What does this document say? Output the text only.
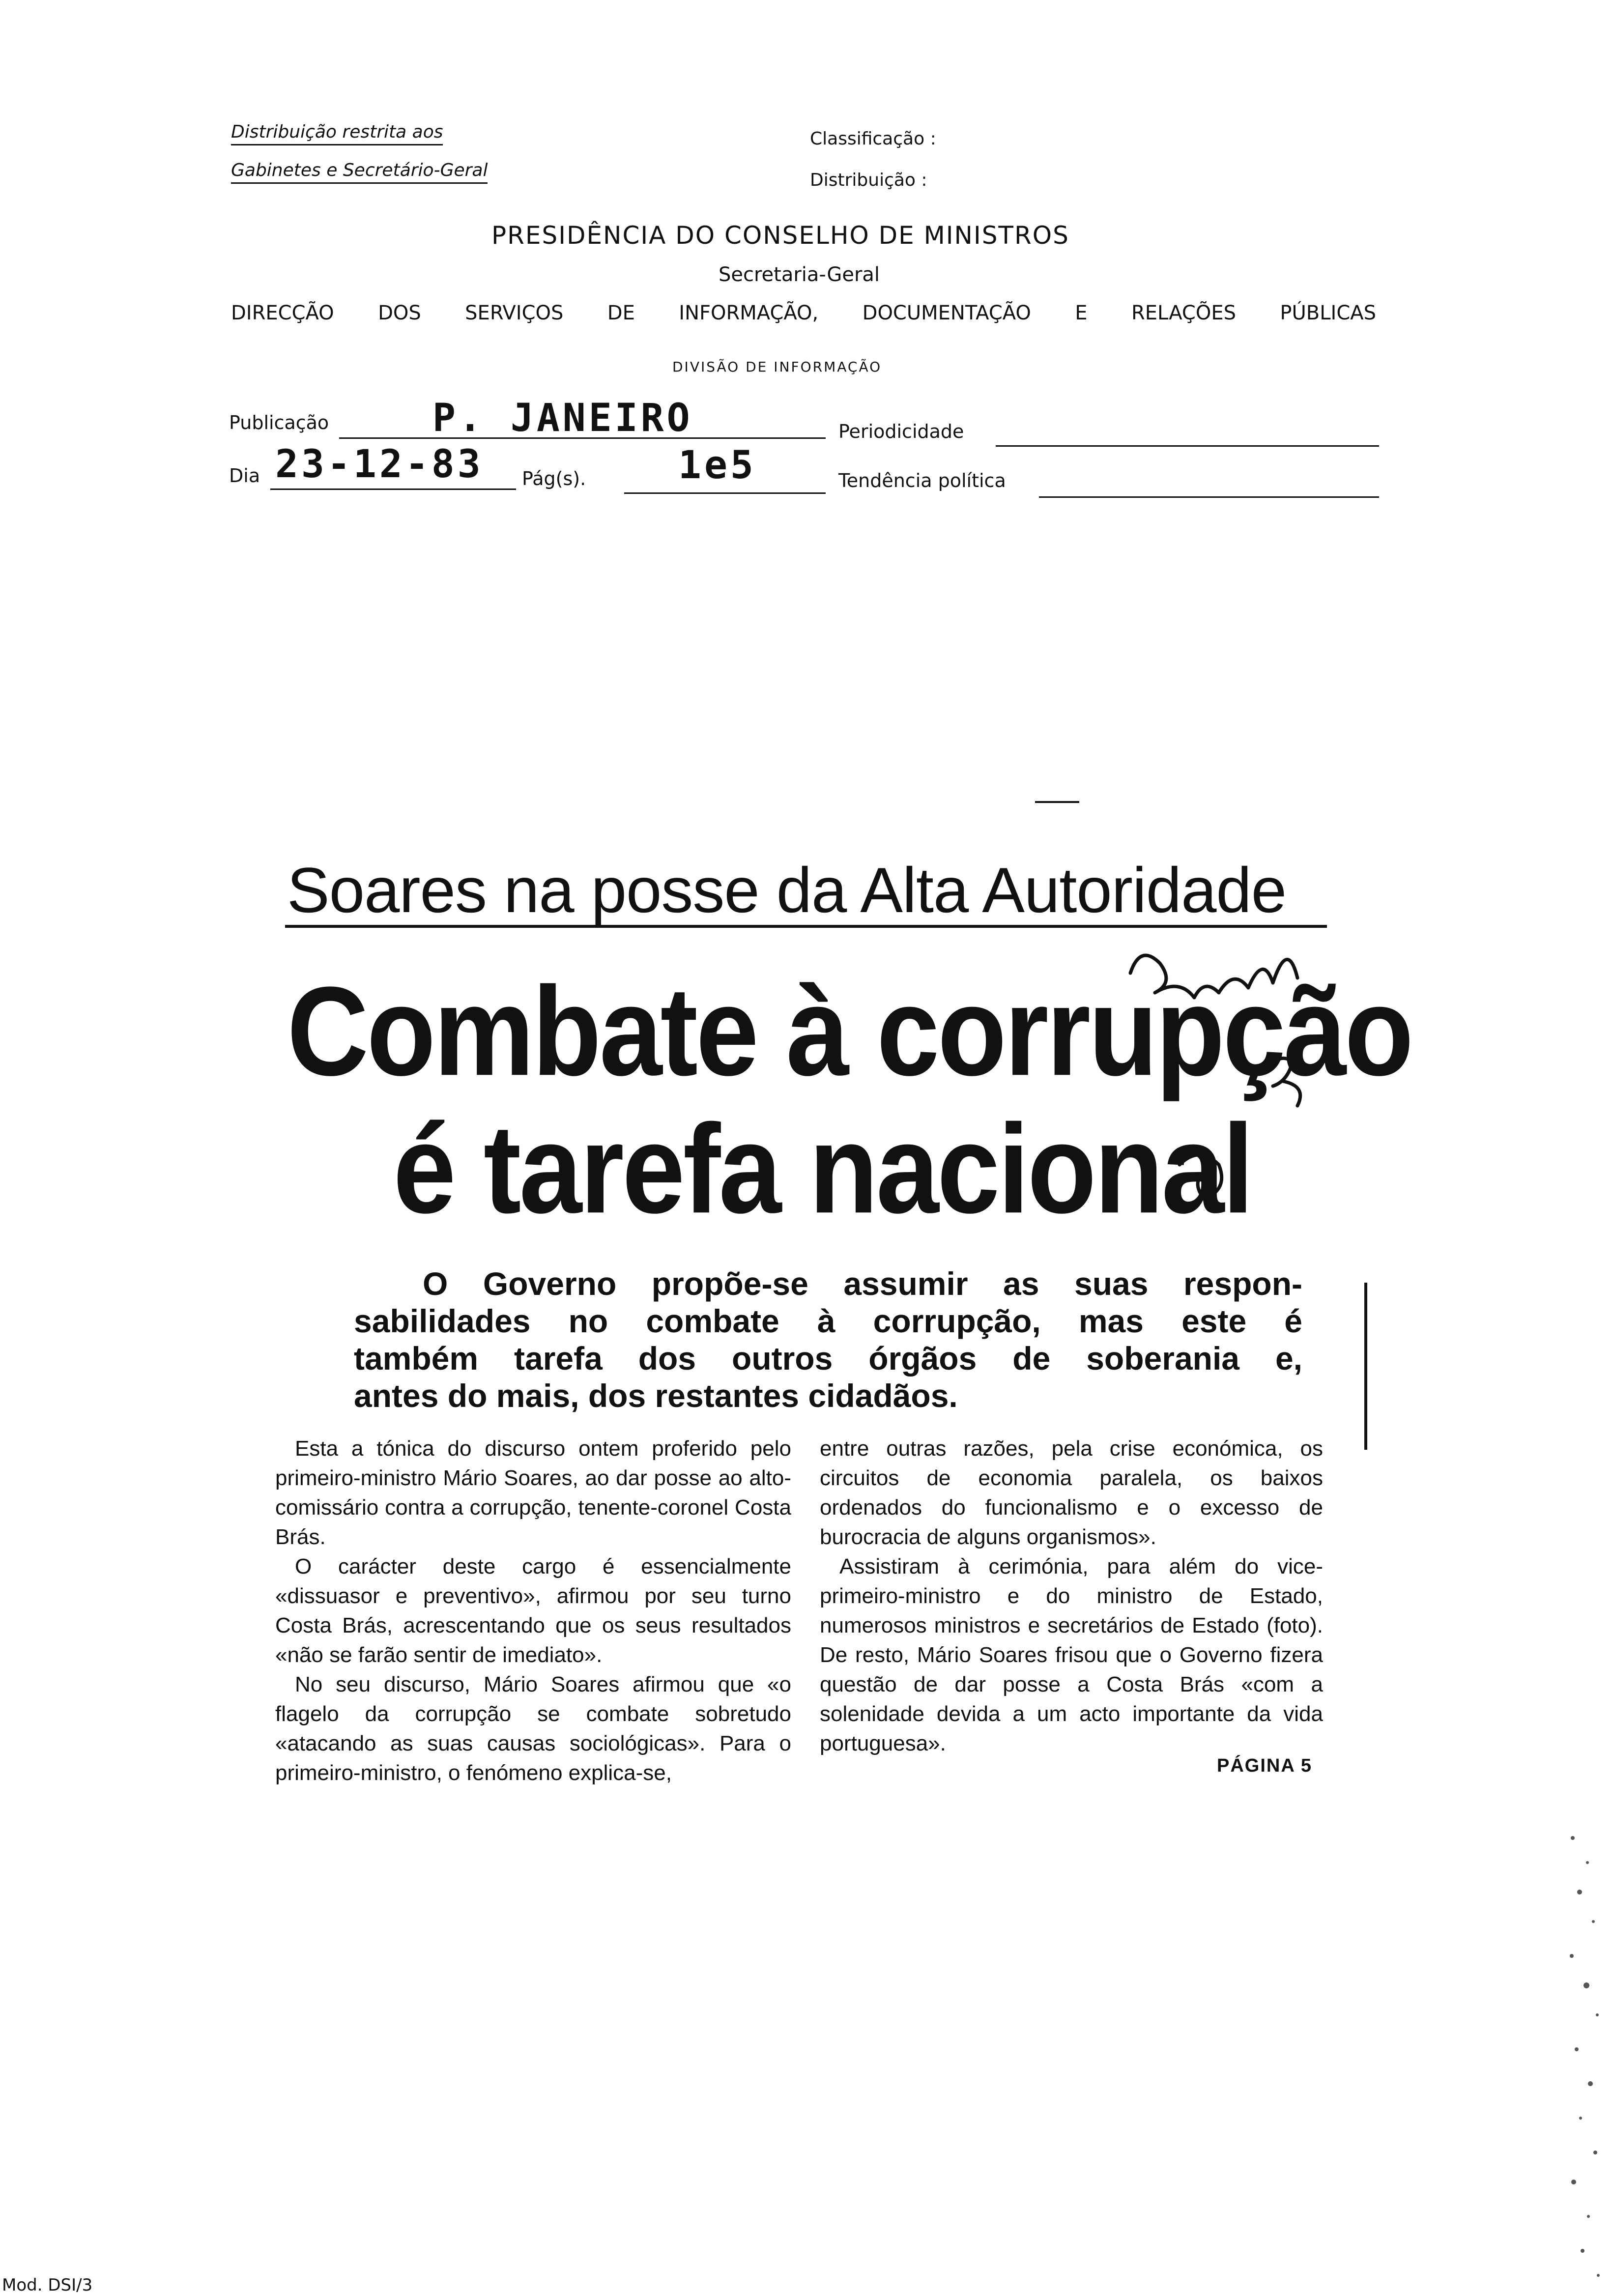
Distribuição restrita aos
Gabinetes e Secretário-Geral
Classificação :
Distribuição :
PRESIDÊNCIA DO CONSELHO DE MINISTROS
Secretaria-Geral
DIRECÇÃO DOS SERVIÇOS DE INFORMAÇÃO, DOCUMENTAÇÃO E RELAÇÕES PÚBLICAS
DIVISÃO DE INFORMAÇÃO
Publicação	P. JANEIRO	Periodicidade
Dia 23-12-83 Pág(s). 1e5	Tendência política
Soares na posse da Alta Autoridade
Combate à corrupção
é tarefa nacional
O Governo propõe-se assumir as suas respon-
sabilidades no combate à corrupção, mas este é
também tarefa dos outros órgãos de soberania e,
antes do mais, dos restantes cidadãos.

Esta a tónica do discurso ontem proferido pelo primeiro-ministro Mário Soares, ao dar posse ao alto-comissário contra a corrupção, tenente-coronel Costa Brás.

O carácter deste cargo é essencialmente «dissuasor e preventivo», afirmou por seu turno Costa Brás, acrescentando que os seus resultados «não se farão sentir de imediato».

No seu discurso, Mário Soares afirmou que «o flagelo da corrupção se combate sobretudo «atacando as suas causas sociológicas». Para o primeiro-ministro, o fenómeno explica-se,

entre outras razões, pela crise económica, os circuitos de economia paralela, os baixos ordenados do funcionalismo e o excesso de burocracia de alguns organismos».

Assistiram à cerimónia, para além do vice-primeiro-ministro e do ministro de Estado, numerosos ministros e secretários de Estado (foto). De resto, Mário Soares frisou que o Governo fizera questão de dar posse a Costa Brás «com a solenidade devida a um acto importante da vida portuguesa».

PÁGINA 5
Mod. DSI/3
